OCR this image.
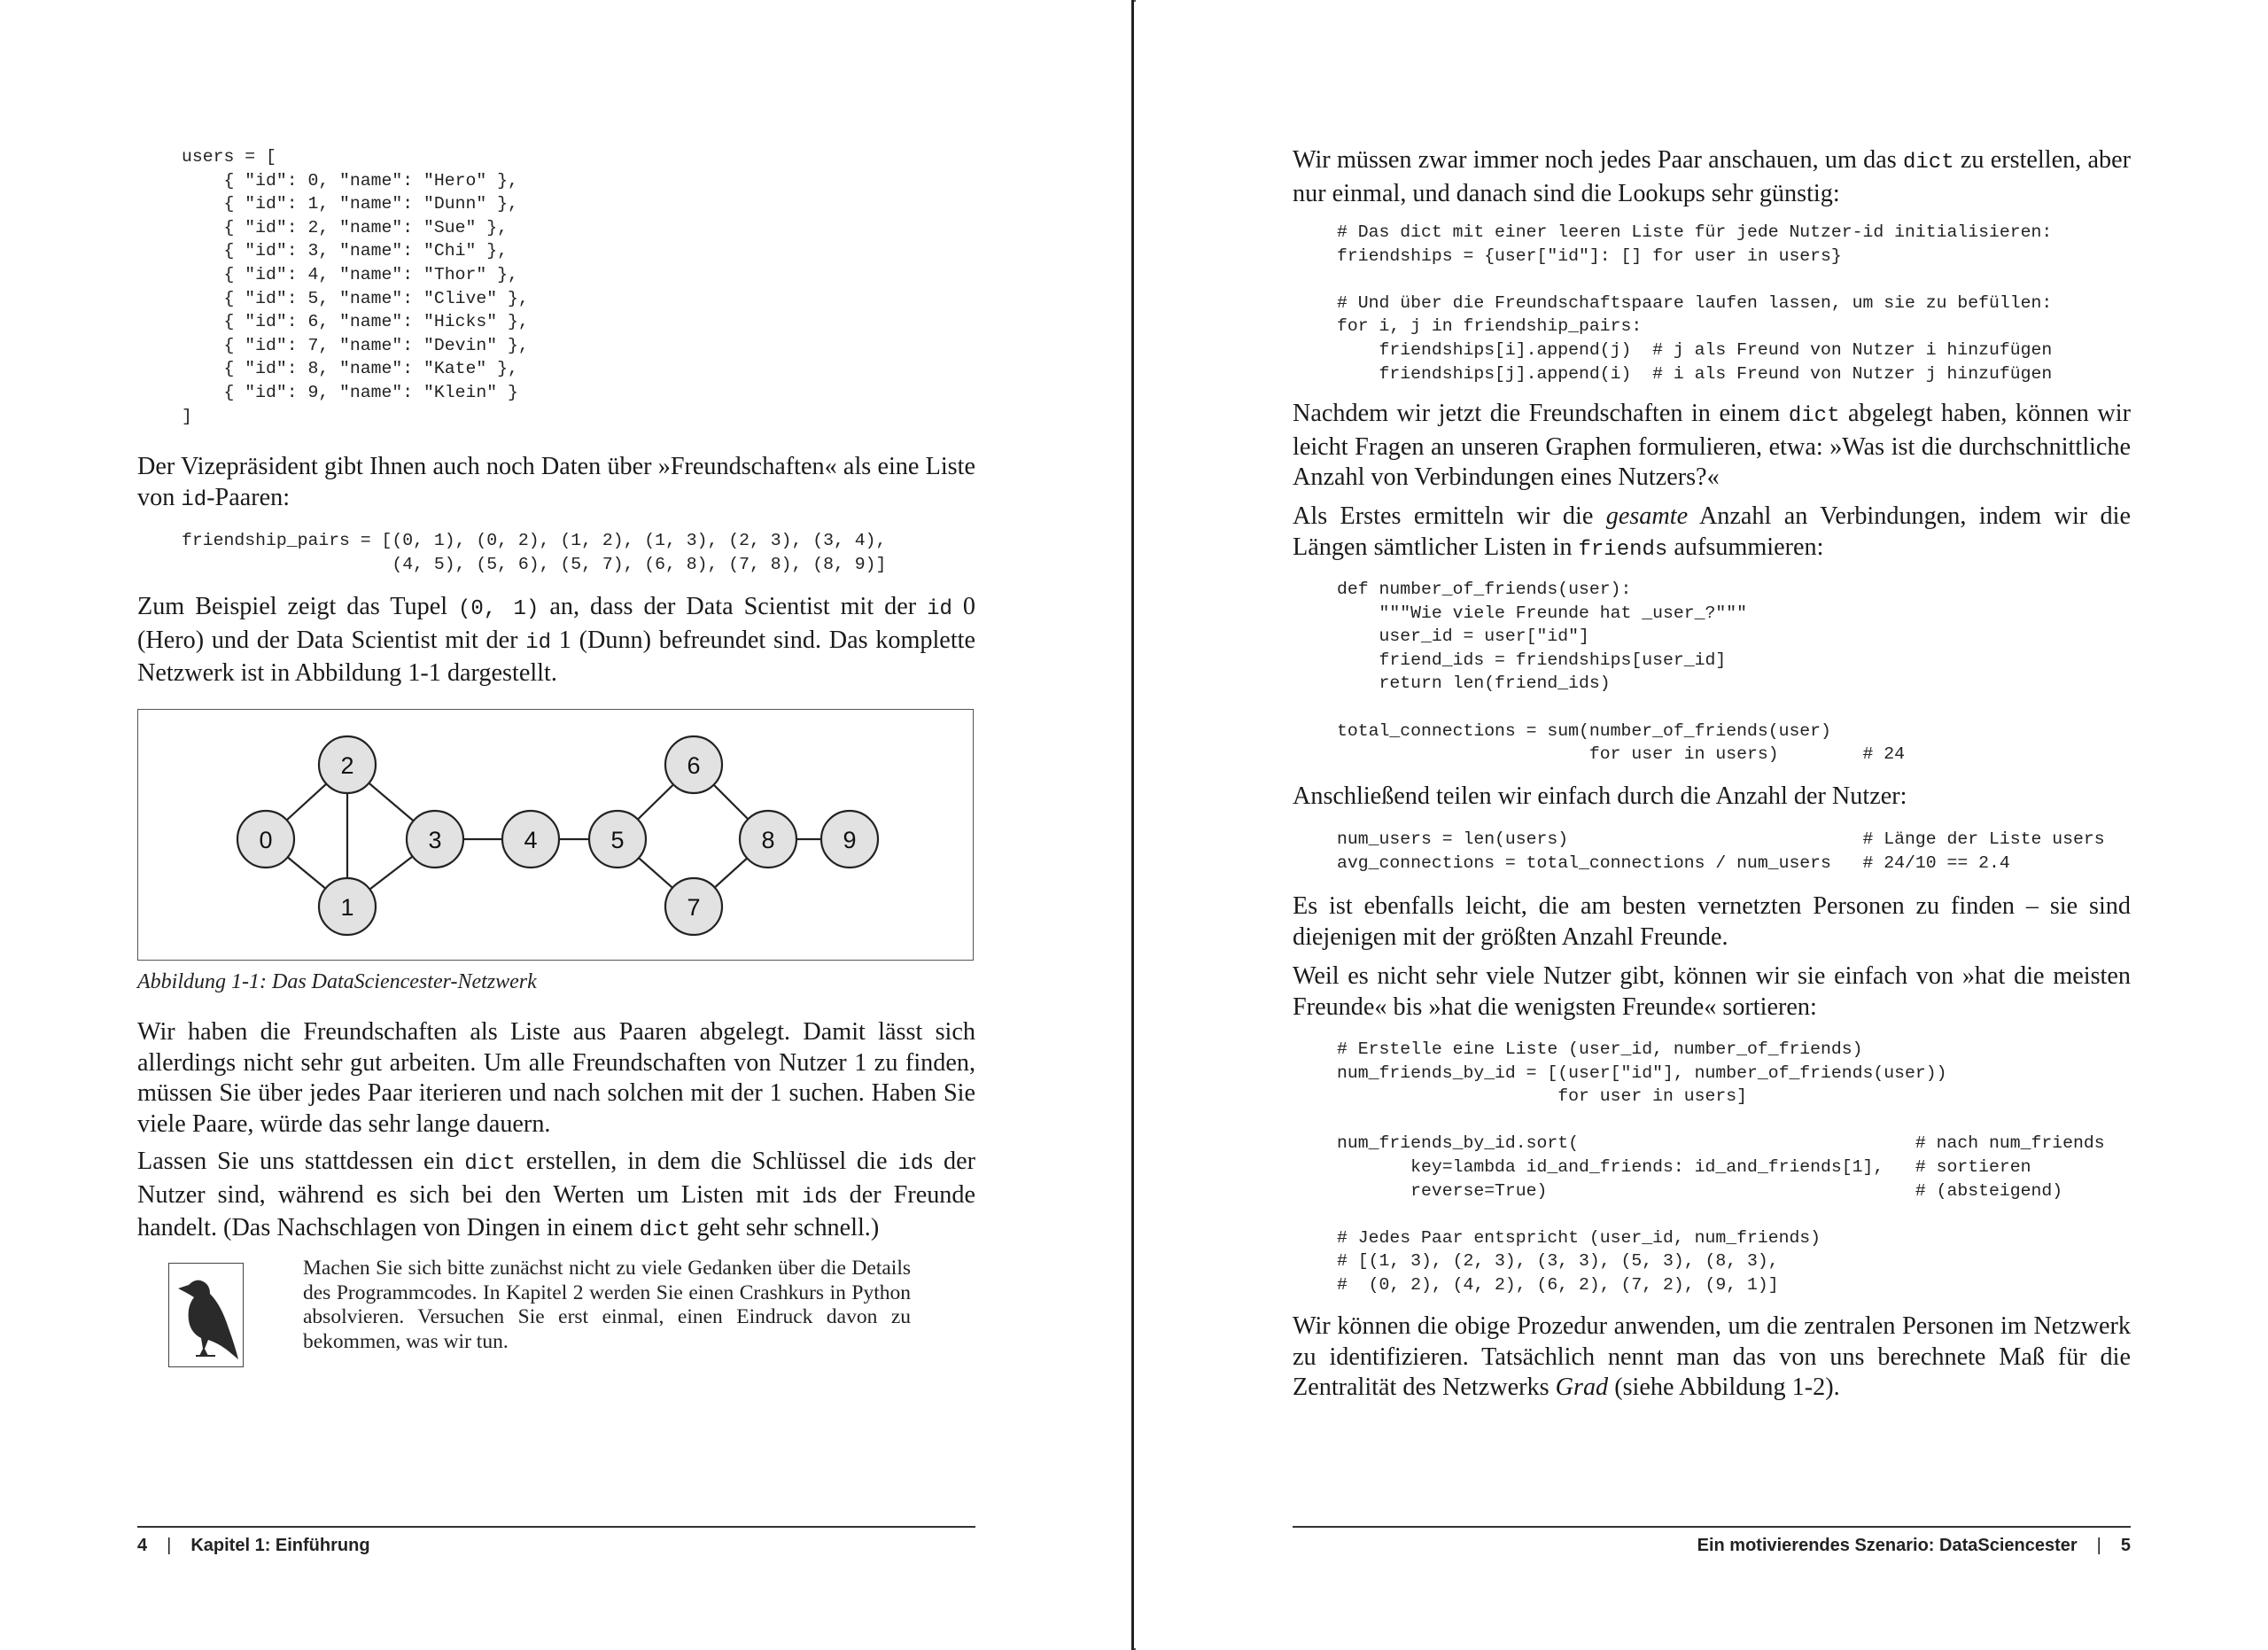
users = [
{ "id": 0, "name": "Hero" },
{ "id": 1, "name": "Dunn" },
{ "id": 2, "name": "Sue" },
{ "id": 3, "name": "Chi" },
{ "id": 4, "name": "Thor" },
{ "id": 5, "name": "Clive" },
{ "id": 6, "name": "Hicks" },
{ "id": 7, "name": "Devin" },
{ "id": 8, "name": "Kate" },
{ "id": 9, "name": "Klein" }
]

Der Vizepräsident gibt Ihnen auch noch Daten über »Freundschaften« als eine Liste von id-Paaren:

friendship_pairs = [(0, 1), (0, 2), (1, 2), (1, 3), (2, 3), (3, 4),
(4, 5), (5, 6), (5, 7), (6, 8), (7, 8), (8, 9)]

Zum Beispiel zeigt das Tupel (0, 1) an, dass der Data Scientist mit der id 0 (Hero) und der Data Scientist mit der id 1 (Dunn) befreundet sind. Das komplette Netzwerk ist in Abbildung 1-1 dargestellt.

0
1
2
3	4	5
6
7
8	9

Abbildung 1-1: Das DataSciencester-Netzwerk

Wir haben die Freundschaften als Liste aus Paaren abgelegt. Damit lässt sich allerdings nicht sehr gut arbeiten. Um alle Freundschaften von Nutzer 1 zu finden, müssen Sie über jedes Paar iterieren und nach solchen mit der 1 suchen. Haben Sie viele Paare, würde das sehr lange dauern.

Lassen Sie uns stattdessen ein dict erstellen, in dem die Schlüssel die ids der Nutzer sind, während es sich bei den Werten um Listen mit ids der Freunde handelt. (Das Nachschlagen von Dingen in einem dict geht sehr schnell.)

Machen Sie sich bitte zunächst nicht zu viele Gedanken über die Details des Programmcodes. In Kapitel 2 werden Sie einen Crashkurs in Python absolvieren. Versuchen Sie erst einmal, einen Eindruck davon zu bekommen, was wir tun.

4 | Kapitel 1: Einführung

Wir müssen zwar immer noch jedes Paar anschauen, um das dict zu erstellen, aber nur einmal, und danach sind die Lookups sehr günstig:

# Das dict mit einer leeren Liste für jede Nutzer-id initialisieren:
friendships = {user["id"]: [] for user in users}

# Und über die Freundschaftspaare laufen lassen, um sie zu befüllen:
for i, j in friendship_pairs:
friendships[i].append(j)  # j als Freund von Nutzer i hinzufügen
friendships[j].append(i)  # i als Freund von Nutzer j hinzufügen

Nachdem wir jetzt die Freundschaften in einem dict abgelegt haben, können wir leicht Fragen an unseren Graphen formulieren, etwa: »Was ist die durchschnittliche Anzahl von Verbindungen eines Nutzers?«

Als Erstes ermitteln wir die gesamte Anzahl an Verbindungen, indem wir die Längen sämtlicher Listen in friends aufsummieren:

def number_of_friends(user):
"""Wie viele Freunde hat _user_?"""
user_id = user["id"]
friend_ids = friendships[user_id]
return len(friend_ids)

total_connections = sum(number_of_friends(user)
for user in users)        # 24

Anschließend teilen wir einfach durch die Anzahl der Nutzer:

num_users = len(users)                            # Länge der Liste users
avg_connections = total_connections / num_users   # 24/10 == 2.4

Es ist ebenfalls leicht, die am besten vernetzten Personen zu finden – sie sind diejenigen mit der größten Anzahl Freunde.

Weil es nicht sehr viele Nutzer gibt, können wir sie einfach von »hat die meisten Freunde« bis »hat die wenigsten Freunde« sortieren:

# Erstelle eine Liste (user_id, number_of_friends)
num_friends_by_id = [(user["id"], number_of_friends(user))
for user in users]

num_friends_by_id.sort(                                # nach num_friends
key=lambda id_and_friends: id_and_friends[1],   # sortieren
reverse=True)                                   # (absteigend)

# Jedes Paar entspricht (user_id, num_friends)
# [(1, 3), (2, 3), (3, 3), (5, 3), (8, 3),
#  (0, 2), (4, 2), (6, 2), (7, 2), (9, 1)]

Wir können die obige Prozedur anwenden, um die zentralen Personen im Netzwerk zu identifizieren. Tatsächlich nennt man das von uns berechnete Maß für die Zentralität des Netzwerks Grad (siehe Abbildung 1-2).

Ein motivierendes Szenario: DataSciencester | 5
